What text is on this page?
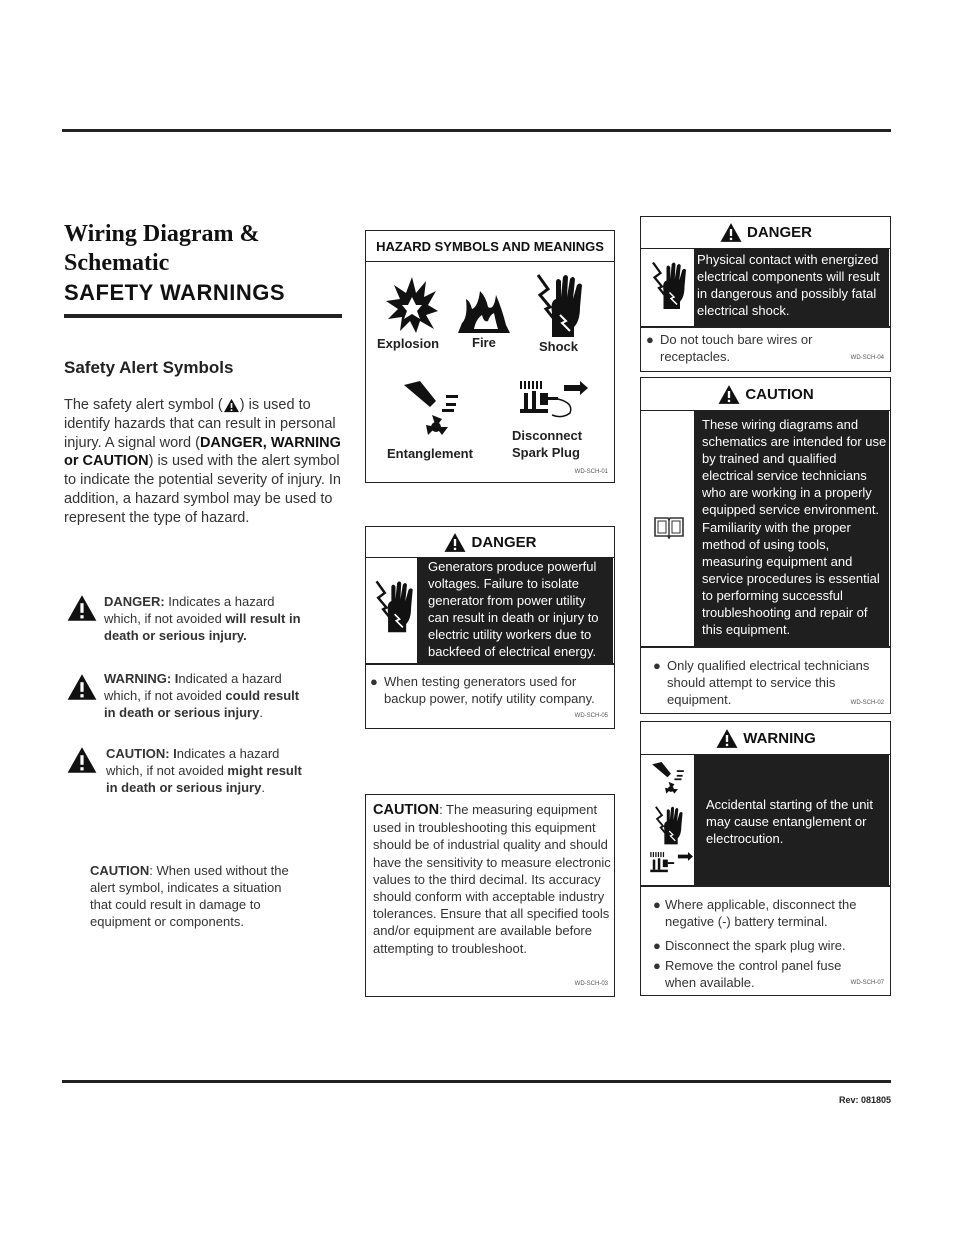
Wiring Diagram &
Schematic
SAFETY WARNINGS
Safety Alert Symbols
The safety alert symbol ( ) is used to identify hazards that can result in personal injury. A signal word (DANGER, WARNING or CAUTION) is used with the alert symbol to indicate the potential severity of injury. In addition, a hazard symbol may be used to represent the type of hazard.
DANGER: Indicates a hazard which, if not avoided will result in death or serious injury.
WARNING: Indicated a hazard which, if not avoided could result in death or serious injury.
CAUTION: Indicates a hazard which, if not avoided might result in death or serious injury.
CAUTION: When used without the alert symbol, indicates a situation that could result in damage to equipment or components.
HAZARD SYMBOLS AND MEANINGS
Explosion	Fire	Shock
Entanglement
Disconnect
Spark Plug
WD-SCH-01
DANGER
Generators produce powerful voltages. Failure to isolate generator from power utility can result in death or injury to electric utility workers due to backfeed of electrical energy.
● When testing generators used for backup power, notify utility company.
WD-SCH-05
CAUTION: The measuring equipment used in troubleshooting this equipment should be of industrial quality and should have the sensitivity to measure electronic values to the third decimal. Its accuracy should conform with acceptable industry tolerances. Ensure that all specified tools and/or equipment are available before attempting to troubleshoot.
WD-SCH-03
DANGER
Physical contact with energized electrical components will result in dangerous and possibly fatal electrical shock.
● Do not touch bare wires or receptacles.	WD-SCH-04
CAUTION
These wiring diagrams and schematics are intended for use by trained and qualified electrical service technicians who are working in a properly equipped service environment. Familiarity with the proper method of using tools, measuring equipment and service procedures is essential to performing successful troubleshooting and repair of this equipment.
● Only qualified electrical technicians should attempt to service this equipment.	WD-SCH-02
WARNING
Accidental starting of the unit may cause entanglement or electrocution.
● Where applicable, disconnect the negative (-) battery terminal.
● Disconnect the spark plug wire.
● Remove the control panel fuse when available.	WD-SCH-07
Rev: 081805
